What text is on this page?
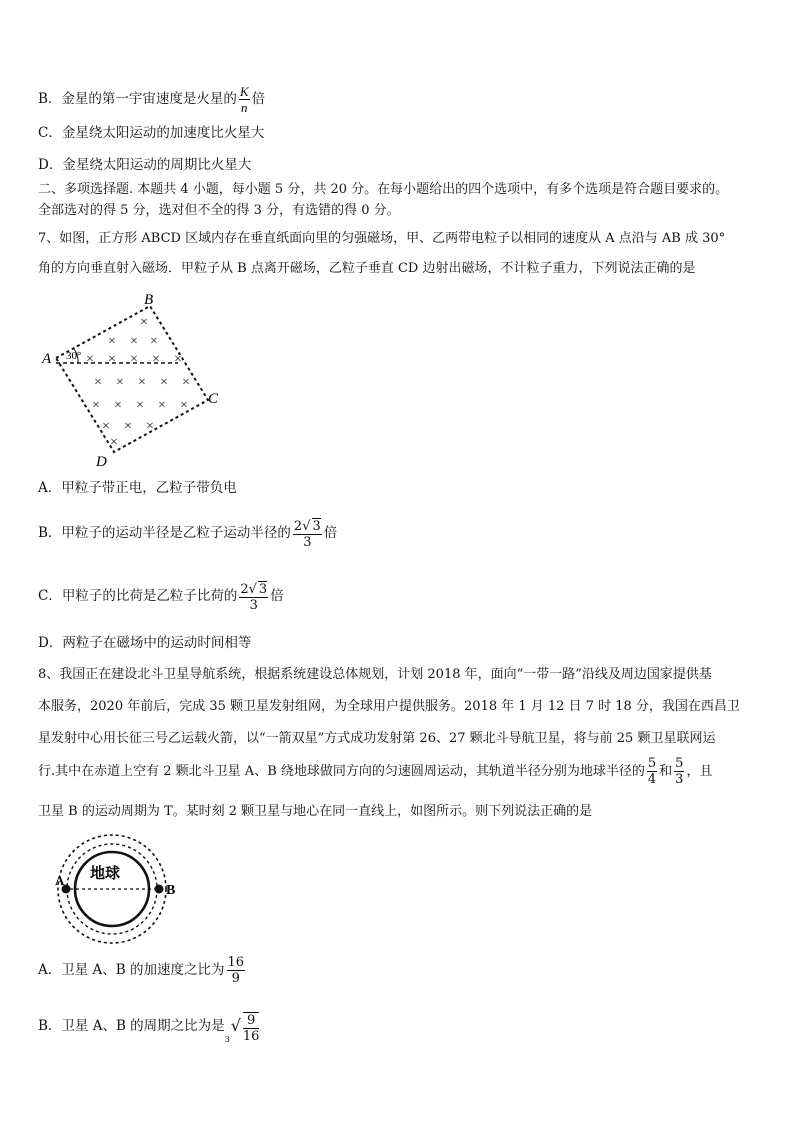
B．金星的第一宇宙速度是火星的 $\frac{K}{n}$ 倍
C．金星绕太阳运动的加速度比火星大
D．金星绕太阳运动的周期比火星大
二、多项选择题. 本题共 4 小题，每小题 5 分，共 20 分。在每小题给出的四个选项中，有多个选项是符合题目要求的。
全部选对的得 5 分，选对但不全的得 3 分，有选错的得 0 分。
7、如图，正方形 ABCD 区域内存在垂直纸面向里的匀强磁场，甲、乙两带电粒子以相同的速度从 A 点沿与 AB 成 30°
角的方向垂直射入磁场．甲粒子从 B 点离开磁场，乙粒子垂直 CD 边射出磁场，不计粒子重力，下列说法正确的是
A
B
C
D
30°
×
× × ×
× × × × ×
× × × × ×
× × × × ×
× × ×
×
A．甲粒子带正电，乙粒子带负电
B．甲粒子的运动半径是乙粒子运动半径的 $\frac{2√ 3}{3}$ 倍
C．甲粒子的比荷是乙粒子比荷的 $\frac{2√ 3}{3}$ 倍
D．两粒子在磁场中的运动时间相等
8、我国正在建设北斗卫星导航系统，根据系统建设总体规划，计划 2018 年，面向“一带一路”沿线及周边国家提供基
本服务，2020 年前后，完成 35 颗卫星发射组网，为全球用户提供服务。2018 年 1 月 12 日 7 时 18 分，我国在西昌卫
星发射中心用长征三号乙运载火箭，以“一箭双星”方式成功发射第 26、27 颗北斗导航卫星，将与前 25 颗卫星联网运
行.其中在赤道上空有 2 颗北斗卫星 A、B 绕地球做同方向的匀速圆周运动，其轨道半径分别为地球半径的 $\frac{5}{4}$ 和 $\frac{5}{3}$ ，且
卫星 B 的运动周期为 T。某时刻 2 颗卫星与地心在同一直线上，如图所示。则下列说法正确的是
地球
A
B
A．卫星 A、B 的加速度之比为 $\frac{16}{9}$
B．卫星 A、B 的周期之比为是
3
√ $\frac{9}{16}$
